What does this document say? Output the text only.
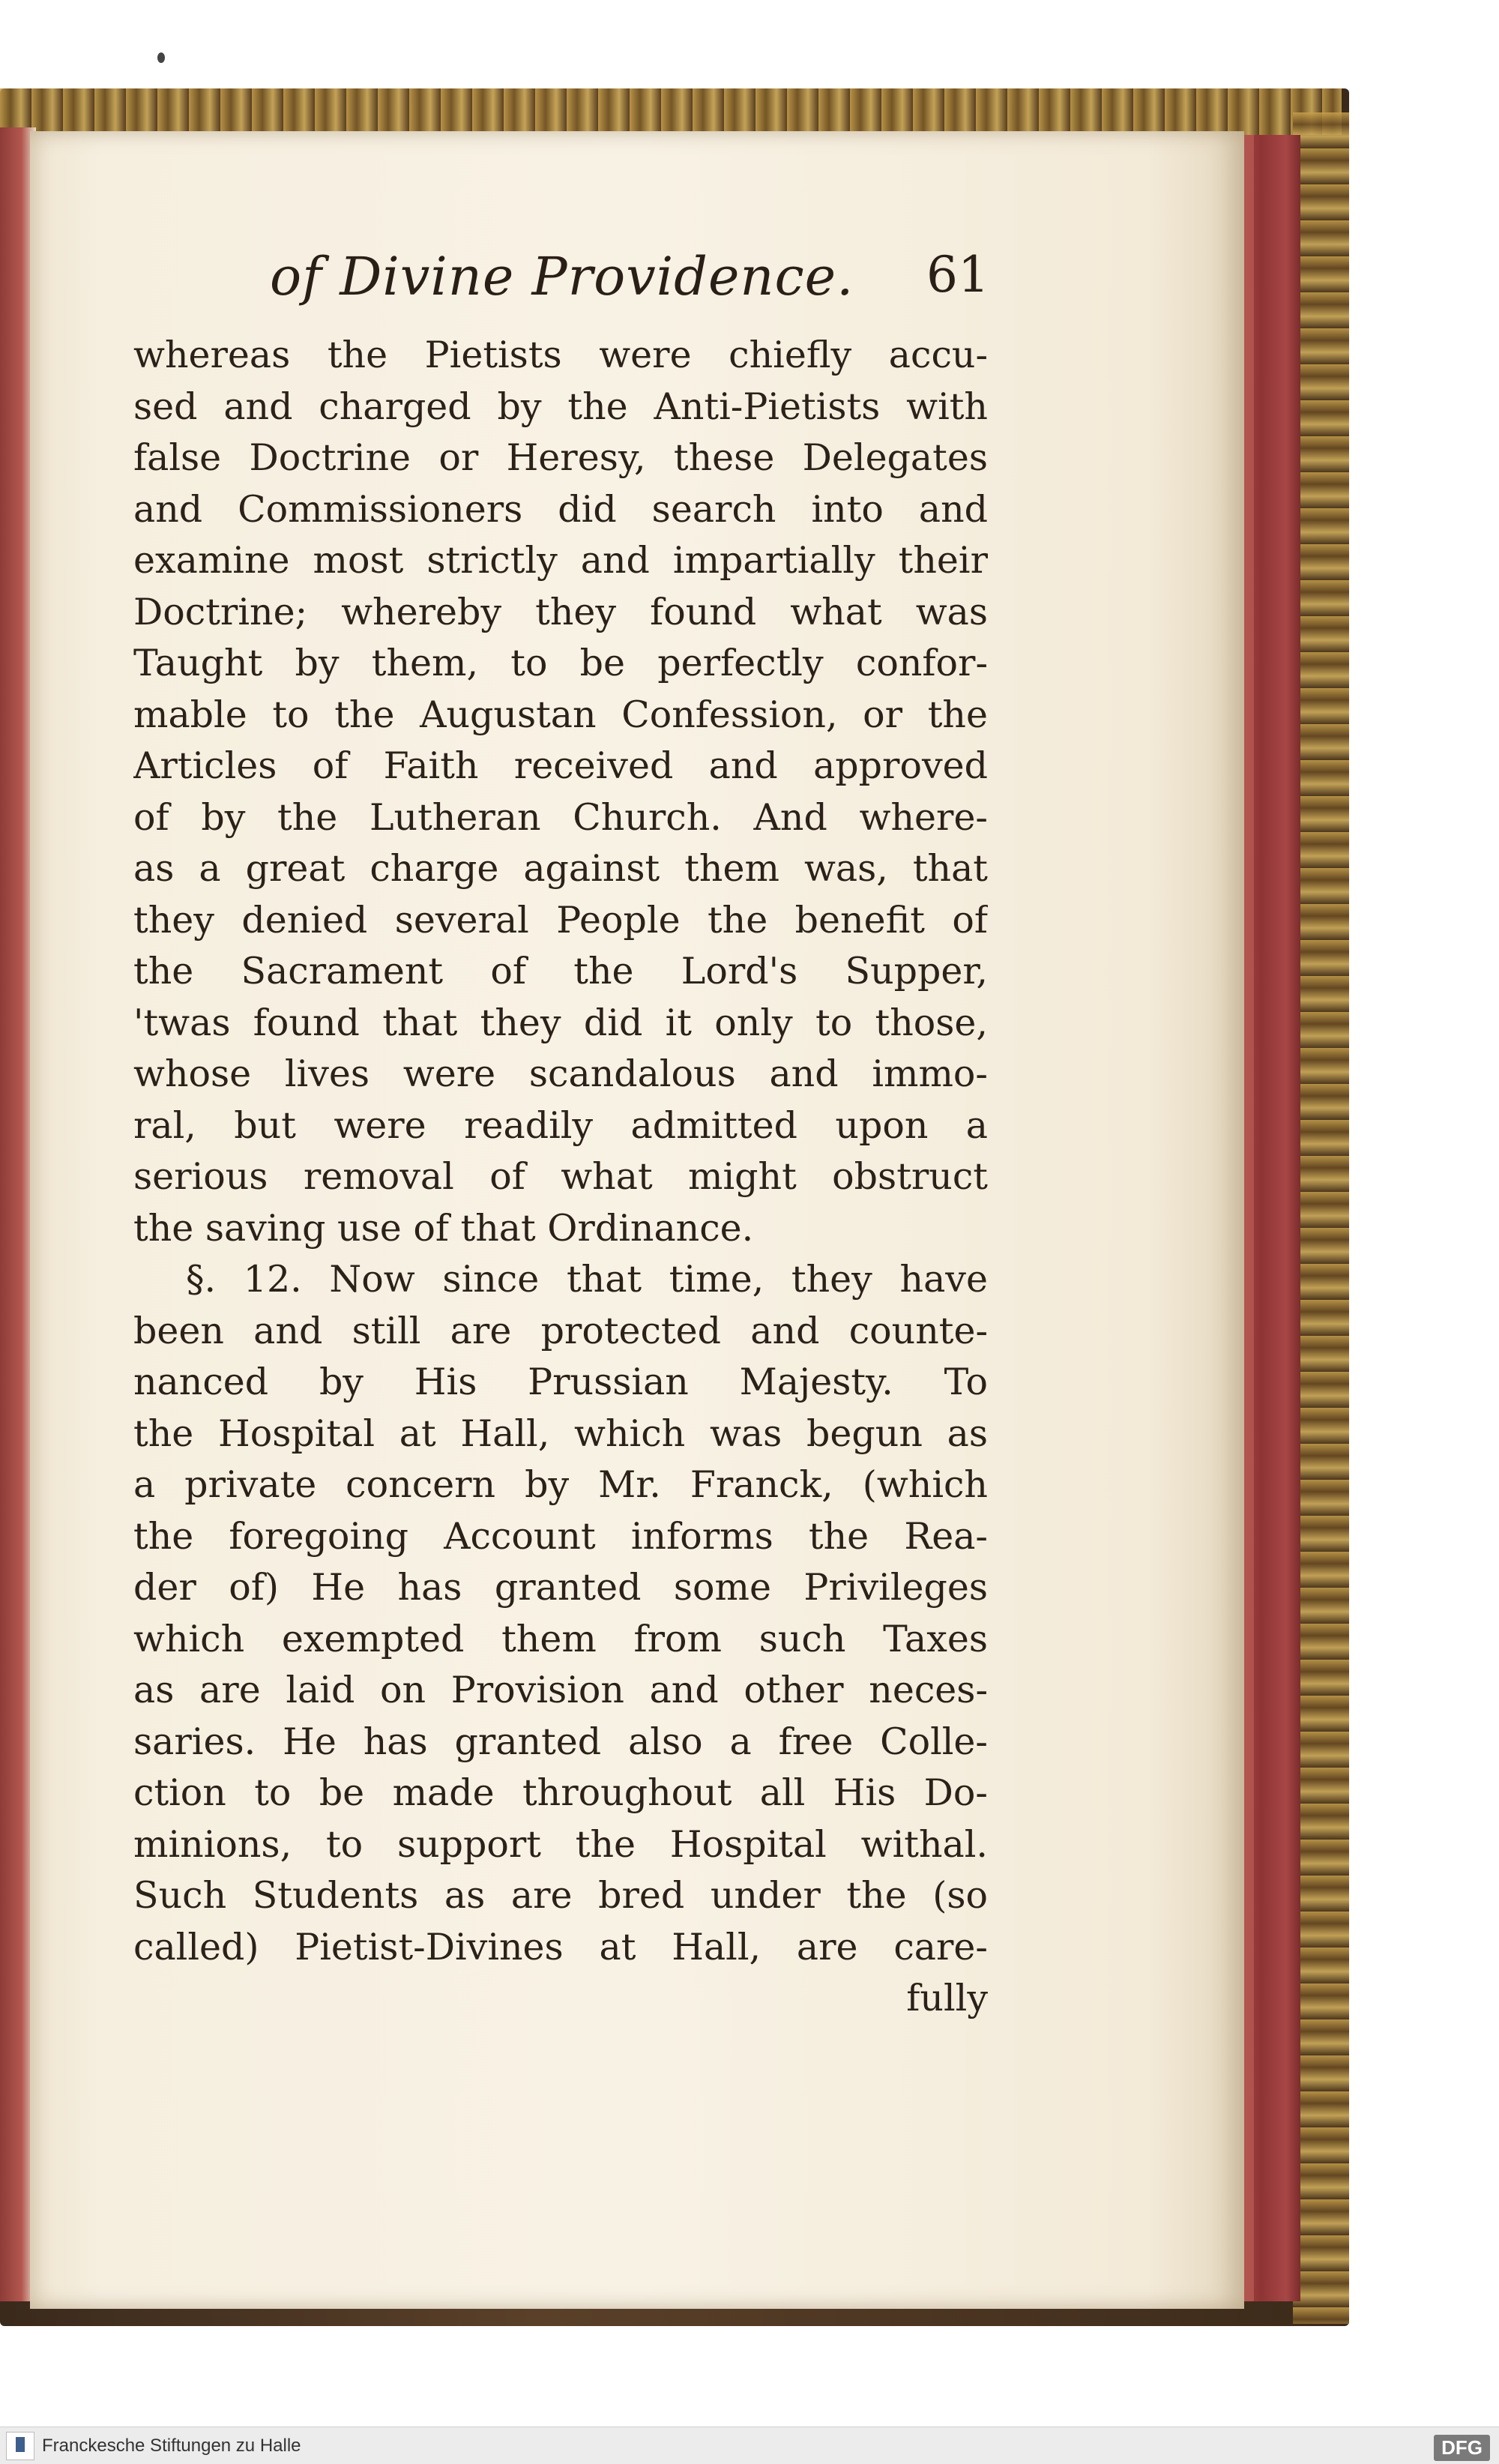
of Divine Providence. 61
whereas the Pietists were chiefly accu-
sed and charged by the Anti-Pietists with
false Doctrine or Heresy, these Delegates
and Commissioners did search into and
examine most strictly and impartially their
Doctrine; whereby they found what was
Taught by them, to be perfectly confor-
mable to the Augustan Confession, or the
Articles of Faith received and approved
of by the Lutheran Church. And where-
as a great charge against them was, that
they denied several People the benefit of
the Sacrament of the Lord's Supper,
'twas found that they did it only to those,
whose lives were scandalous and immo-
ral, but were readily admitted upon a
serious removal of what might obstruct
the saving use of that Ordinance.
§. 12. Now since that time, they have
been and still are protected and counte-
nanced by His Prussian Majesty. To
the Hospital at Hall, which was begun as
a private concern by Mr. Franck, (which
the foregoing Account informs the Rea-
der of) He has granted some Privileges
which exempted them from such Taxes
as are laid on Provision and other neces-
saries. He has granted also a free Colle-
ction to be made throughout all His Do-
minions, to support the Hospital withal.
Such Students as are bred under the (so
called) Pietist-Divines at Hall, are care-
fully
Franckesche Stiftungen zu Halle	DFG
